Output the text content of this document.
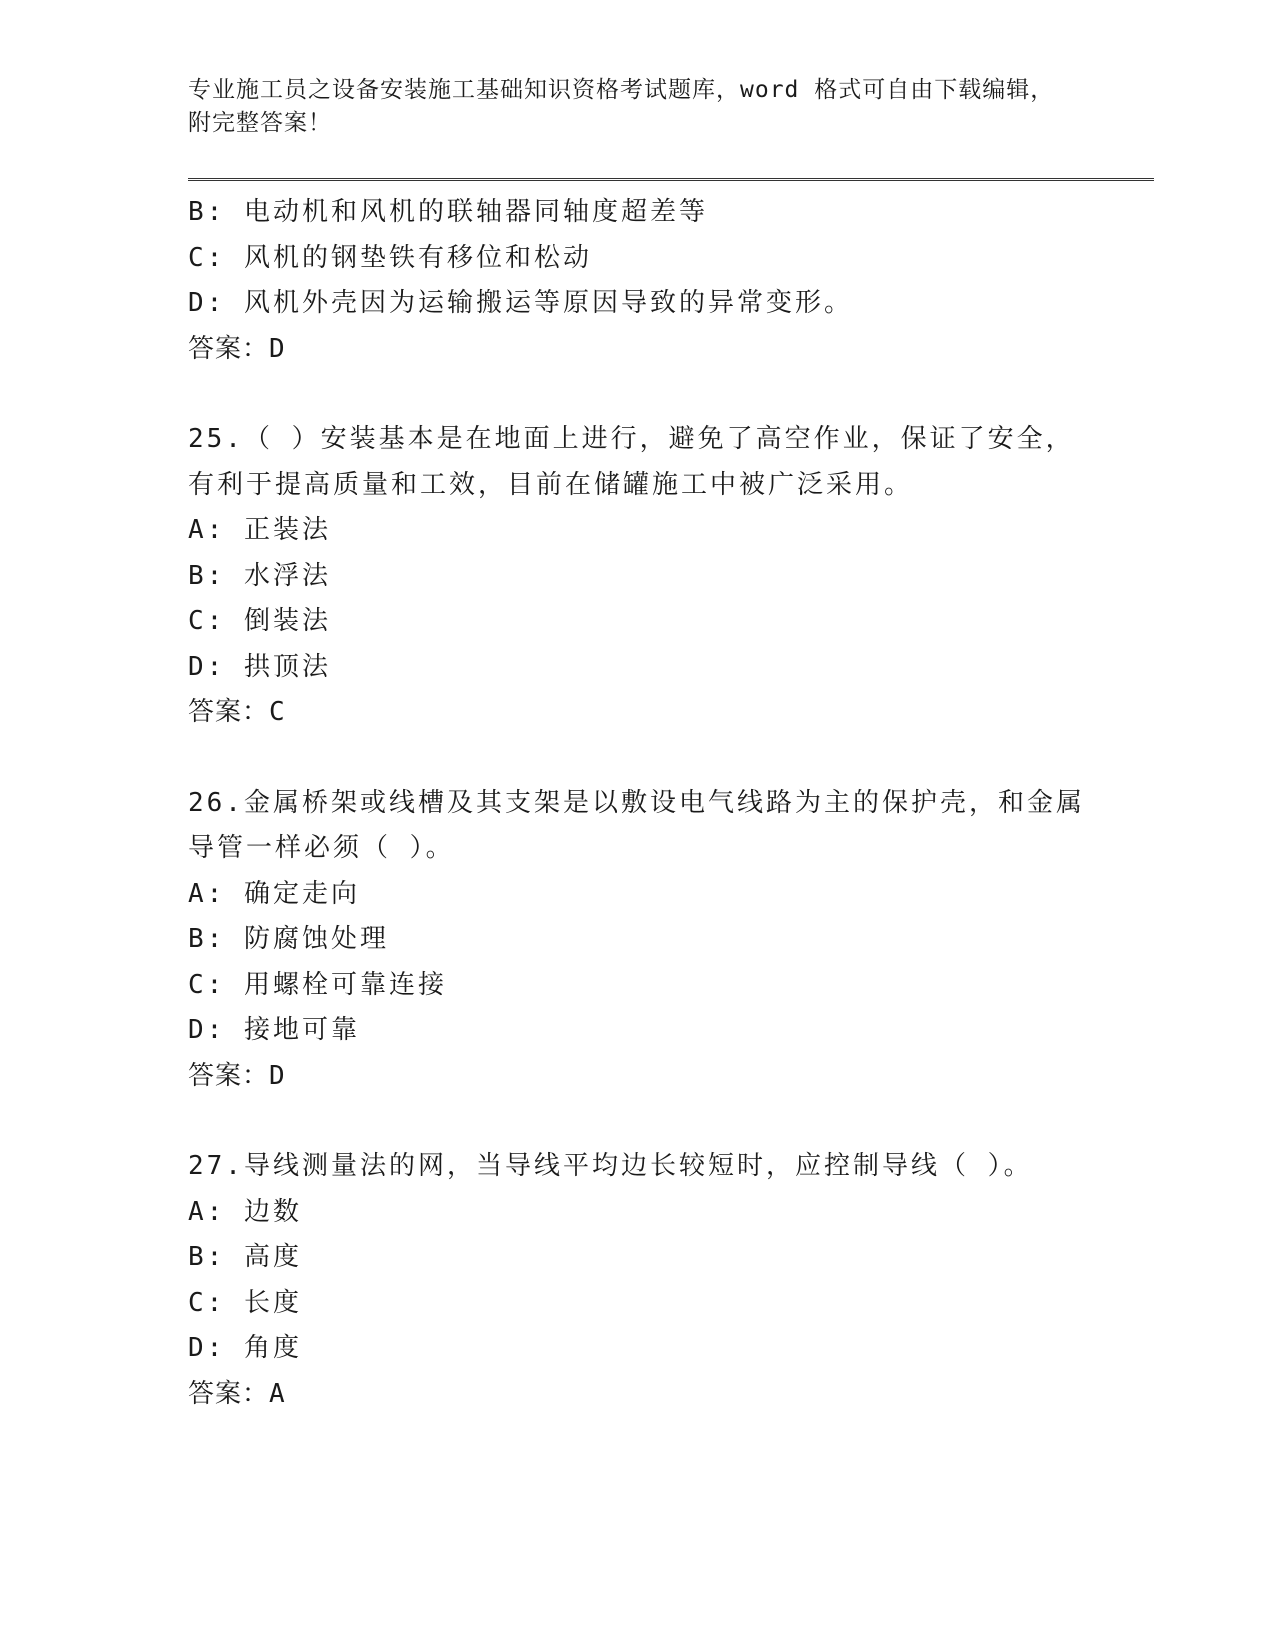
专业施工员之设备安装施工基础知识资格考试题库，word 格式可自由下载编辑，
附完整答案！
B: 电动机和风机的联轴器同轴度超差等
C: 风机的钢垫铁有移位和松动
D: 风机外壳因为运输搬运等原因导致的异常变形。
答案：D
25.（ ）安装基本是在地面上进行，避免了高空作业，保证了安全，
有利于提高质量和工效，目前在储罐施工中被广泛采用。
A: 正装法
B: 水浮法
C: 倒装法
D: 拱顶法
答案：C
26.金属桥架或线槽及其支架是以敷设电气线路为主的保护壳，和金属
导管一样必须（ ）。
A: 确定走向
B: 防腐蚀处理
C: 用螺栓可靠连接
D: 接地可靠
答案：D
27.导线测量法的网，当导线平均边长较短时，应控制导线（ ）。
A: 边数
B: 高度
C: 长度
D: 角度
答案：A
